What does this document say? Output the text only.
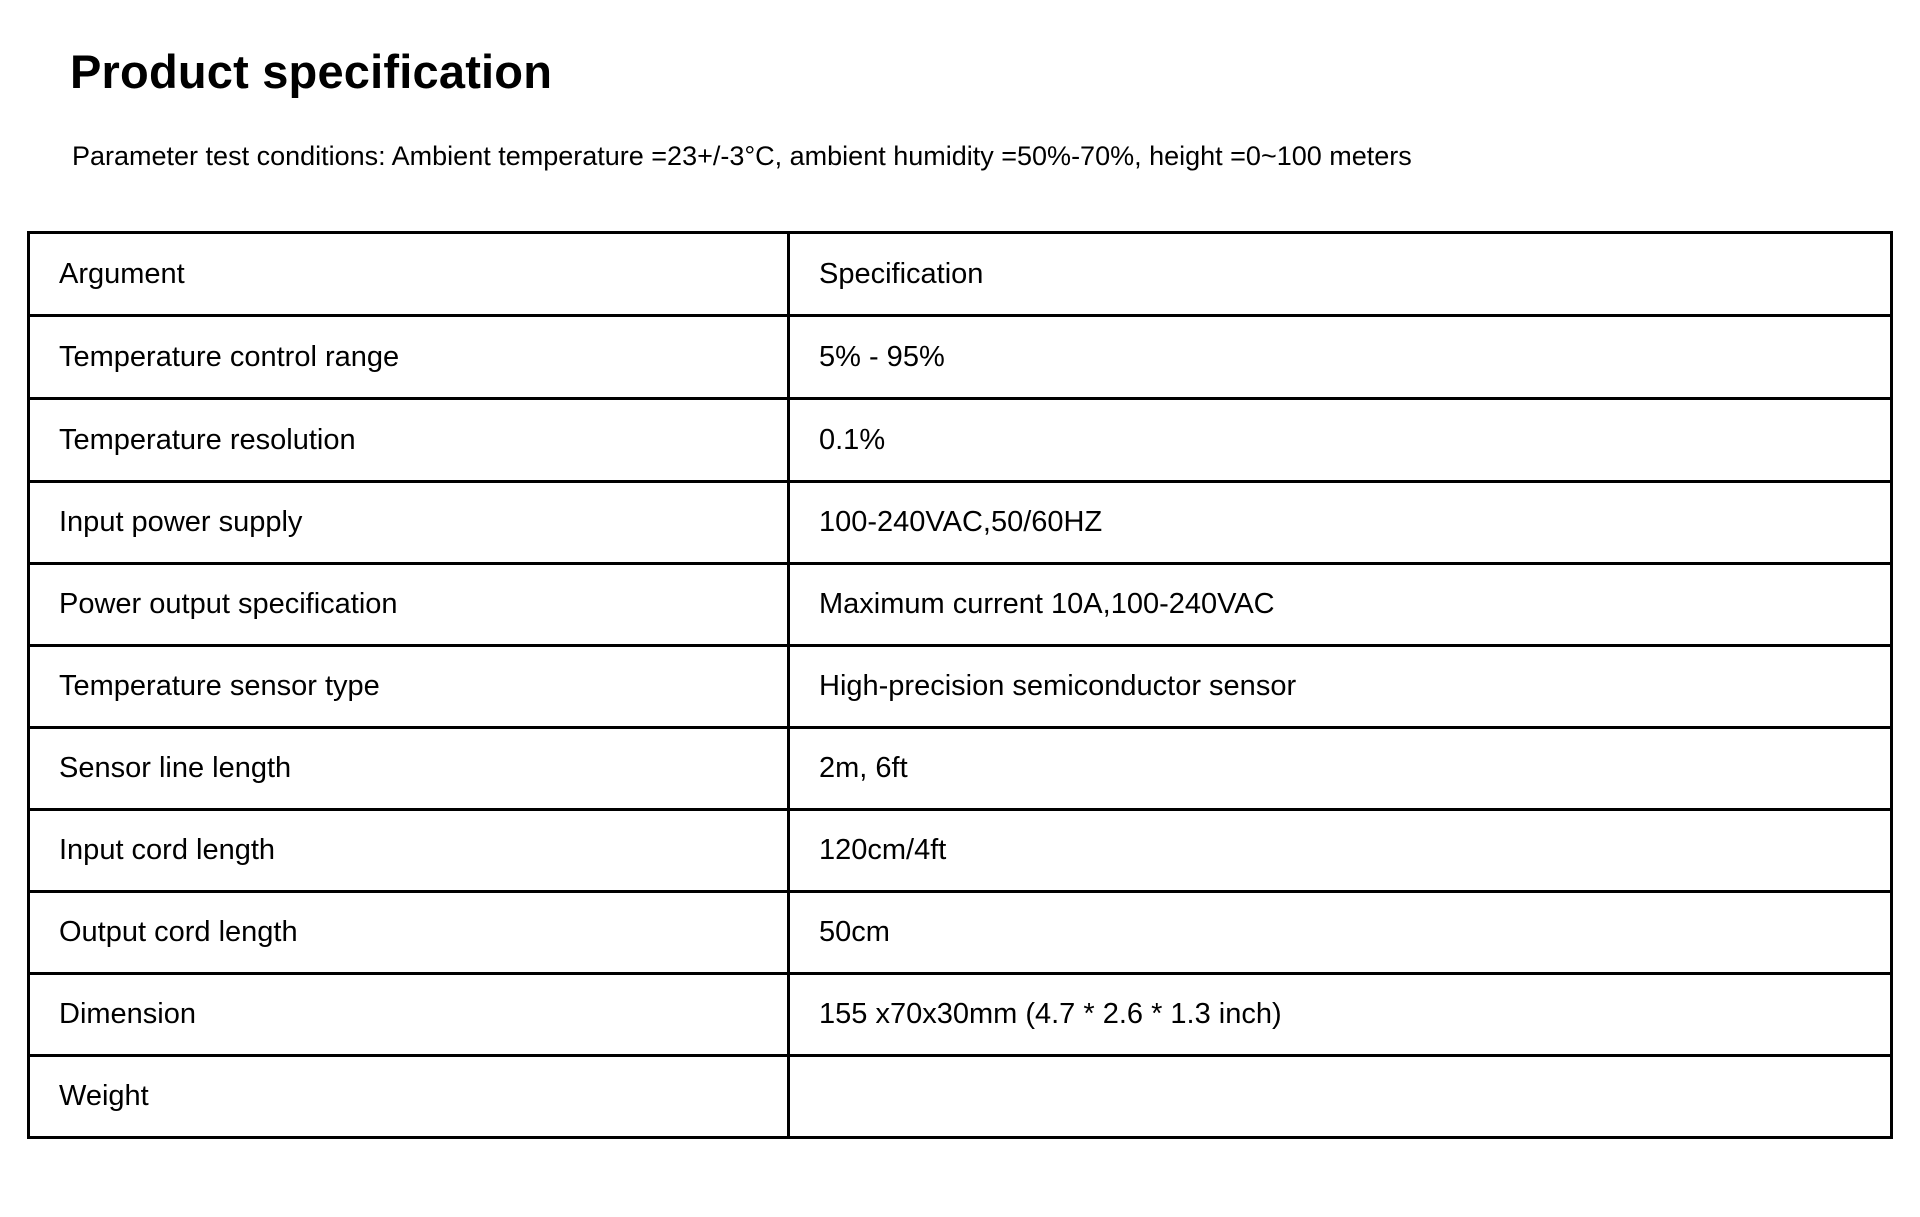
Product specification
Parameter test conditions: Ambient temperature =23+/-3°C, ambient humidity =50%-70%, height =0~100 meters
Argument	Specification

Temperature control range	5% - 95%

Temperature resolution	0.1%

Input power supply	100-240VAC,50/60HZ

Power output specification	Maximum current 10A,100-240VAC

Temperature sensor type	High-precision semiconductor sensor

Sensor line length	2m, 6ft

Input cord length	120cm/4ft

Output cord length	50cm

Dimension	155 x70x30mm (4.7 * 2.6 * 1.3 inch)

Weight	
